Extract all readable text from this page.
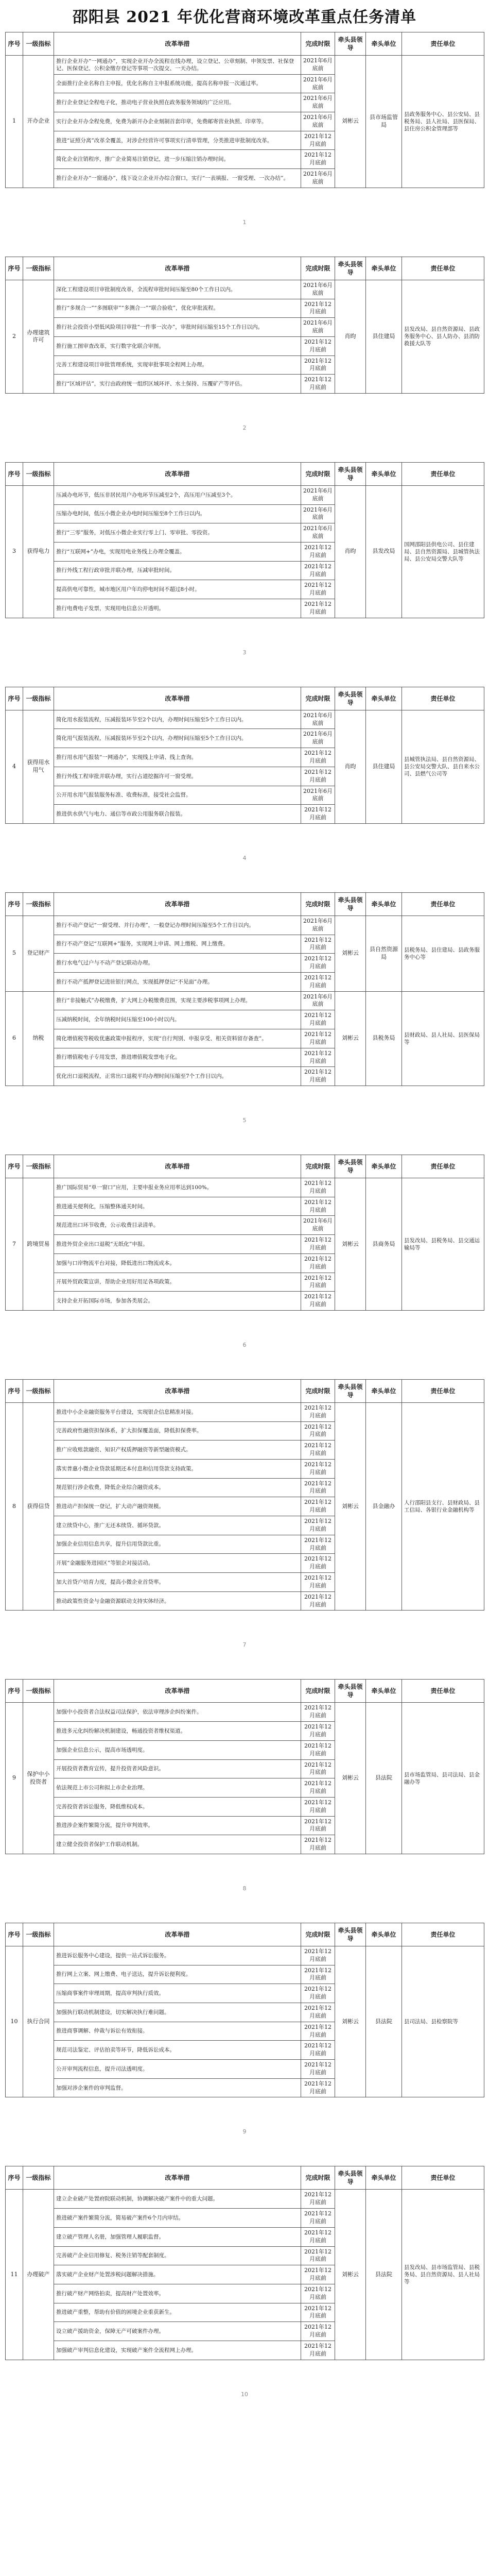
邵阳县 2021 年优化营商环境改革重点任务清单
序号	一级指标	改革举措	完成时限	牵头县领导	牵头单位	责任单位
1	开办企业	推行企业开办“一网通办”，实现企业开办全流程在线办理，设立登记、公章刻制、申领发票、社保登记、医保登记、公积金缴存登记等事项一次提交、一天办结。	2021年6月底前	刘彬云	县市场监管局	县政务服务中心、县公安局、县税务局、县人社局、县医保局、县住房公积金管理部等
		全面推行企业名称自主申报，优化名称自主申报系统功能，提高名称申报一次通过率。	2021年6月底前			
		推行企业登记全程电子化，推动电子营业执照在政务服务领域的广泛应用。	2021年6月底前			
		实行企业开办全程免费，免费为新开办企业刻制首套印章，免费邮寄营业执照、印章等。	2021年6月底前			
		推进“证照分离”改革全覆盖，对涉企经营许可事项实行清单管理，分类推进审批制度改革。	2021年12月底前			
		简化企业注销程序，推广企业简易注销登记，进一步压缩注销办理时间。	2021年12月底前			
		推行企业开办“一窗通办”，线下设立企业开办综合窗口，实行“一表填报、一窗受理、一次办结”。	2021年6月底前			
1
序号	一级指标	改革举措	完成时限	牵头县领导	牵头单位	责任单位
2	办理建筑许可	深化工程建设项目审批制度改革，全流程审批时间压缩至80个工作日以内。	2021年6月底前	肖昀	县住建局	县发改局、县自然资源局、县政务服务中心、县人防办、县消防救援大队等
		推行“多规合一”“多图联审”“多测合一”“联合验收”，优化审批流程。	2021年12月底前			
		推行社会投资小型低风险项目审批“一件事一次办”，审批时间压缩至15个工作日以内。	2021年6月底前			
		推行施工图审查改革，实行数字化联合审图。	2021年12月底前			
		完善工程建设项目审批管理系统，实现审批事项全程网上办理。	2021年12月底前			
		推行“区域评估”，实行由政府统一组织区域环评、水土保持、压覆矿产等评估。	2021年12月底前			
2
序号	一级指标	改革举措	完成时限	牵头县领导	牵头单位	责任单位
3	获得电力	压减办电环节，低压非居民用户办电环节压减至2个，高压用户压减至3个。	2021年6月底前	肖昀	县发改局	国网邵阳县供电公司、县住建局、县自然资源局、县城管执法局、县公安局交警大队等
		压缩办电时间，低压小微企业办电时间压缩至8个工作日以内。	2021年6月底前			
		推行“三零”服务，对低压小微企业实行零上门、零审批、零投资。	2021年6月底前			
		推行“互联网+”办电，实现用电业务线上办理全覆盖。	2021年12月底前			
		推行外线工程行政审批并联办理，压减审批时间。	2021年12月底前			
		提高供电可靠性，城市地区用户年均停电时间不超过8小时。	2021年12月底前			
		推行电费电子发票，实现用电信息公开透明。	2021年12月底前			
3
序号	一级指标	改革举措	完成时限	牵头县领导	牵头单位	责任单位
4	获得用水用气	简化用水报装流程，压减报装环节至2个以内，办理时间压缩至5个工作日以内。	2021年6月底前	肖昀	县住建局	县城管执法局、县自然资源局、县公安局交警大队、县自来水公司、县燃气公司等
		简化用气报装流程，压减报装环节至2个以内，办理时间压缩至5个工作日以内。	2021年6月底前			
		推行用水用气报装“一网通办”，实现线上申请、线上查询。	2021年12月底前			
		推行外线工程审批并联办理，实行占道挖掘许可一窗受理。	2021年12月底前			
		公开用水用气报装服务标准、收费标准，接受社会监督。	2021年6月底前			
		推进供水供气与电力、通信等市政公用服务联合报装。	2021年12月底前			
4
序号	一级指标	改革举措	完成时限	牵头县领导	牵头单位	责任单位
5	登记财产	推行不动产登记“一窗受理、并行办理”，一般登记办理时间压缩至5个工作日以内。	2021年6月底前	刘彬云	县自然资源局	县税务局、县住建局、县政务服务中心等
		推行不动产登记“互联网+”服务，实现网上申请、网上缴税、网上缴费。	2021年12月底前			
		推行水电气过户与不动产登记联动办理。	2021年12月底前			
		推行不动产抵押登记进驻银行网点，实现抵押登记“不见面”办理。	2021年12月底前			
6	纳税	推行“非接触式”办税缴费，扩大网上办税缴费范围，实现主要涉税事项网上办理。	2021年6月底前	刘彬云	县税务局	县财政局、县人社局、县医保局等
		压减纳税时间，全年纳税时间压缩至100小时以内。	2021年12月底前			
		简化增值税等税收优惠政策申报程序，实现“自行判别、申报享受、相关资料留存备查”。	2021年12月底前			
		推行增值税电子专用发票，推进增值税发票电子化。	2021年12月底前			
		优化出口退税流程，正常出口退税平均办理时间压缩至7个工作日以内。	2021年12月底前			
5
序号	一级指标	改革举措	完成时限	牵头县领导	牵头单位	责任单位
7	跨境贸易	推广国际贸易“单一窗口”应用，主要申报业务应用率达到100%。	2021年12月底前	刘彬云	县商务局	县发改局、县税务局、县交通运输局等
		推进通关便利化，压缩整体通关时间。	2021年12月底前			
		规范进出口环节收费，公示收费目录清单。	2021年6月底前			
		推进外贸企业出口退税“无纸化”申报。	2021年12月底前			
		加强与口岸物流平台对接，降低进出口物流成本。	2021年12月底前			
		开展外贸政策宣讲，帮助企业用好用足各项政策。	2021年12月底前			
		支持企业开拓国际市场，参加各类展会。	2021年12月底前			
6
序号	一级指标	改革举措	完成时限	牵头县领导	牵头单位	责任单位
8	获得信贷	推进中小企业融资服务平台建设，实现银企信息精准对接。	2021年12月底前	刘彬云	县金融办	人行邵阳县支行、县财政局、县工信局、各银行业金融机构等
		完善政府性融资担保体系，扩大担保覆盖面，降低担保费率。	2021年12月底前			
		推广应收账款融资、知识产权质押融资等新型融资模式。	2021年12月底前			
		落实普惠小微企业贷款延期还本付息和信用贷款支持政策。	2021年12月底前			
		规范银行涉企收费，降低企业综合融资成本。	2021年12月底前			
		推进动产担保统一登记，扩大动产融资规模。	2021年12月底前			
		建立续贷中心，推广无还本续贷、循环贷款。	2021年12月底前			
		加强企业信用信息共享，提升信用贷款比重。	2021年12月底前			
		开展“金融服务进园区”等银企对接活动。	2021年12月底前			
		加大首贷户培育力度，提高小微企业首贷率。	2021年12月底前			
		推动政策性资金与金融资源联动支持实体经济。	2021年12月底前			
7
序号	一级指标	改革举措	完成时限	牵头县领导	牵头单位	责任单位
9	保护中小投资者	加强中小投资者合法权益司法保护，依法审理涉企纠纷案件。	2021年12月底前	刘彬云	县法院	县市场监管局、县司法局、县金融办等
		推进多元化纠纷解决机制建设，畅通投资者维权渠道。	2021年12月底前			
		加强企业信息公示，提高市场透明度。	2021年12月底前			
		开展投资者教育宣传，提升投资者风险意识。	2021年12月底前			
		依法规范上市公司和拟上市企业治理。	2021年12月底前			
		完善投资者诉讼服务，降低维权成本。	2021年12月底前			
		推进涉企案件繁简分流，提升审判效率。	2021年12月底前			
		建立健全投资者保护工作联动机制。	2021年12月底前			
8
序号	一级指标	改革举措	完成时限	牵头县领导	牵头单位	责任单位
10	执行合同	推进诉讼服务中心建设，提供一站式诉讼服务。	2021年12月底前	刘彬云	县法院	县司法局、县检察院等
		推行网上立案、网上缴费、电子送达，提升诉讼便利度。	2021年12月底前			
		压缩商事案件审理周期，提高审判执行质效。	2021年12月底前			
		加强执行联动机制建设，切实解决执行难问题。	2021年12月底前			
		推进商事调解、仲裁与诉讼有效衔接。	2021年12月底前			
		规范司法鉴定、评估拍卖等环节，降低诉讼成本。	2021年12月底前			
		公开审判流程信息，提升司法透明度。	2021年12月底前			
		加强对涉企案件的审判监督。	2021年12月底前			
9
序号	一级指标	改革举措	完成时限	牵头县领导	牵头单位	责任单位
11	办理破产	建立企业破产处置府院联动机制，协调解决破产案件中的重大问题。	2021年12月底前	刘彬云	县法院	县发改局、县市场监管局、县税务局、县自然资源局、县人社局等
		推进破产案件繁简分流，简易破产案件6个月内审结。	2021年12月底前			
		建立破产管理人名册，加强管理人履职监督。	2021年12月底前			
		完善破产企业信用修复、税务注销等配套制度。	2021年12月底前			
		落实破产企业财产处置涉税问题解决措施。	2021年12月底前			
		推行破产财产网络拍卖，提高财产处置效率。	2021年12月底前			
		推进破产重整，帮助有价值的困境企业重获新生。	2021年12月底前			
		设立破产援助资金，保障无产可破案件办理。	2021年12月底前			
		加强破产审判信息化建设，实现破产案件全流程网上办理。	2021年12月底前			
10
